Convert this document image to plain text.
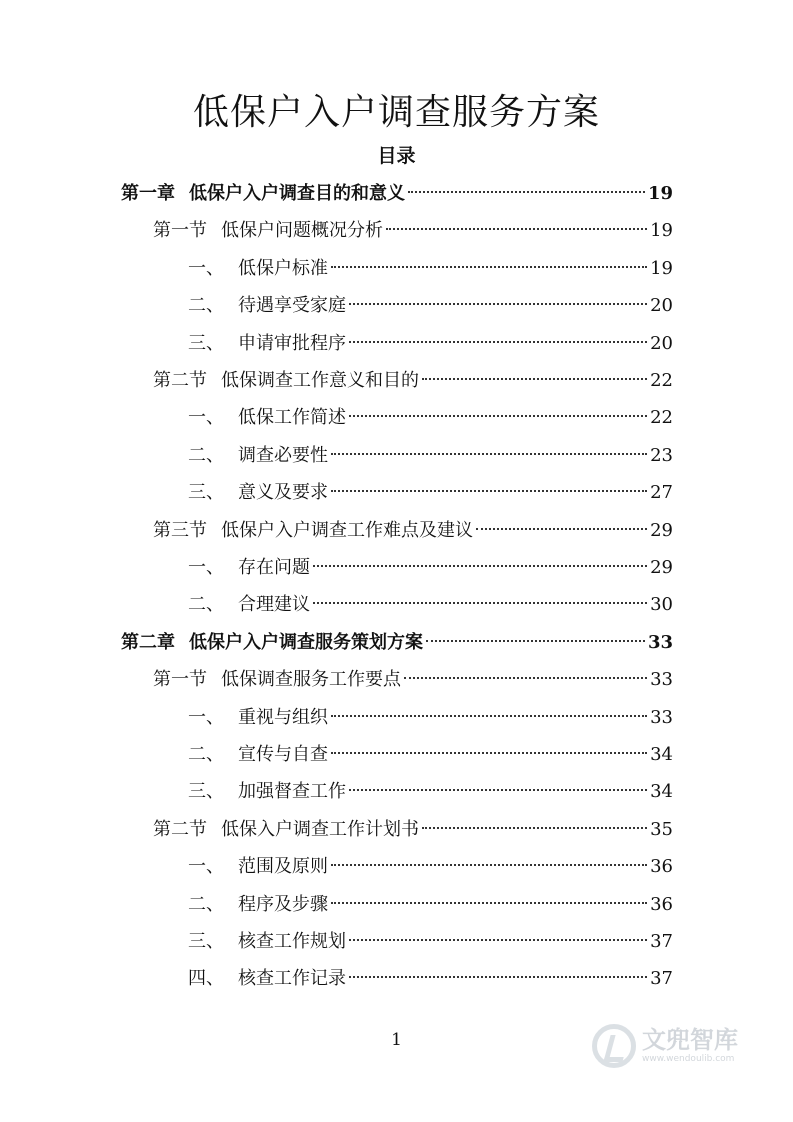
低保户入户调查服务方案
目录
第一章 低保户入户调查目的和意义	19
第一节 低保户问题概况分析	19
一、 低保户标准	19
二、 待遇享受家庭	20
三、 申请审批程序	20
第二节 低保调查工作意义和目的	22
一、 低保工作简述	22
二、 调查必要性	23
三、 意义及要求	27
第三节 低保户入户调查工作难点及建议	29
一、 存在问题	29
二、 合理建议	30
第二章 低保户入户调查服务策划方案	33
第一节 低保调查服务工作要点	33
一、 重视与组织	33
二、 宣传与自查	34
三、 加强督查工作	34
第二节 低保入户调查工作计划书	35
一、 范围及原则	36
二、 程序及步骤	36
三、 核查工作规划	37
四、 核查工作记录	37
1	文兜智库
www.wendoulib.com
